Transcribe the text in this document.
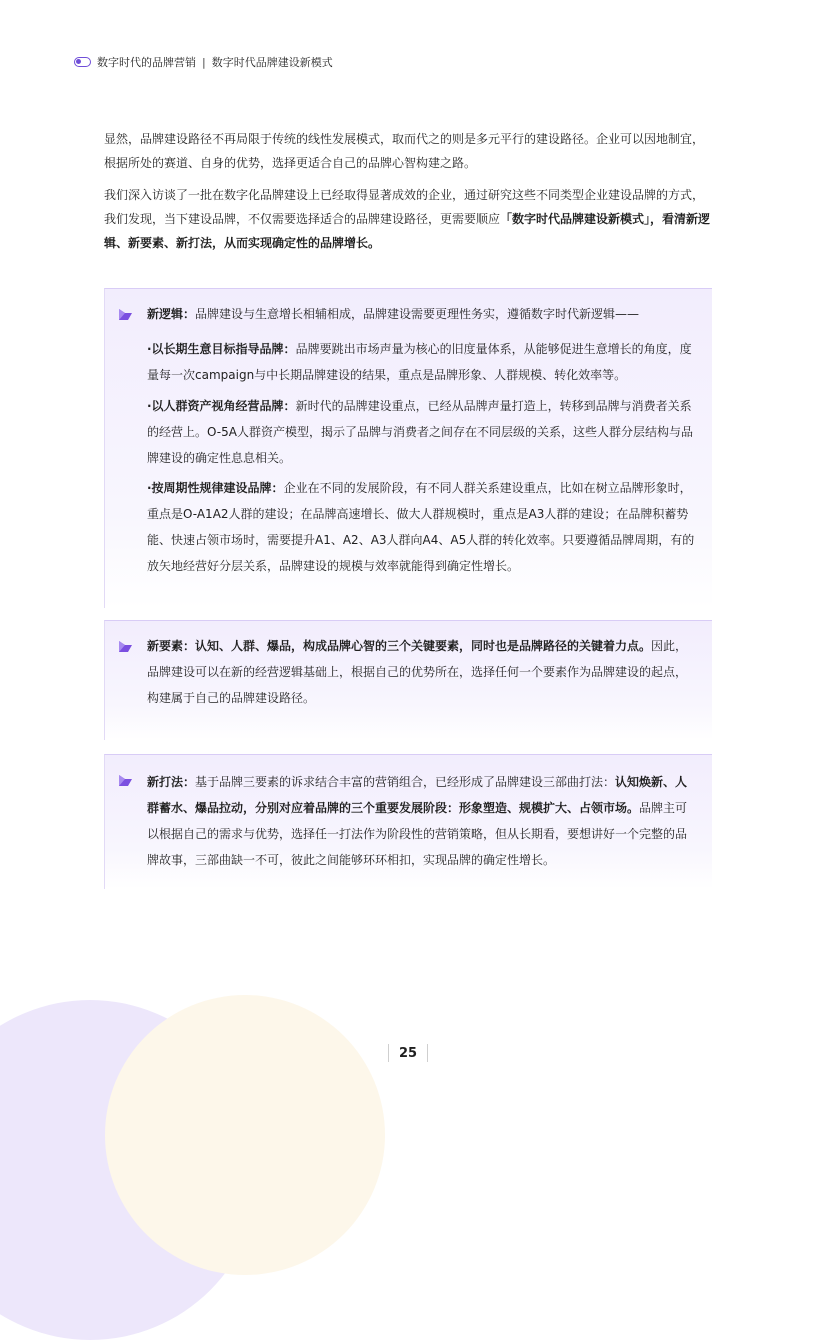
数字时代的品牌营销 | 数字时代品牌建设新模式

显然，品牌建设路径不再局限于传统的线性发展模式，取而代之的则是多元平行的建设路径。企业可以因地制宜，根据所处的赛道、自身的优势，选择更适合自己的品牌心智构建之路。

我们深入访谈了一批在数字化品牌建设上已经取得显著成效的企业，通过研究这些不同类型企业建设品牌的方式，我们发现，当下建设品牌，不仅需要选择适合的品牌建设路径，更需要顺应「数字时代品牌建设新模式」，看清新逻辑、新要素、新打法，从而实现确定性的品牌增长。

新逻辑：品牌建设与生意增长相辅相成，品牌建设需要更理性务实，遵循数字时代新逻辑——

·以长期生意目标指导品牌：品牌要跳出市场声量为核心的旧度量体系，从能够促进生意增长的角度，度量每一次campaign与中长期品牌建设的结果，重点是品牌形象、人群规模、转化效率等。

·以人群资产视角经营品牌：新时代的品牌建设重点，已经从品牌声量打造上，转移到品牌与消费者关系的经营上。O-5A人群资产模型，揭示了品牌与消费者之间存在不同层级的关系，这些人群分层结构与品牌建设的确定性息息相关。

·按周期性规律建设品牌：企业在不同的发展阶段，有不同人群关系建设重点，比如在树立品牌形象时，重点是O-A1A2人群的建设；在品牌高速增长、做大人群规模时，重点是A3人群的建设；在品牌积蓄势能、快速占领市场时，需要提升A1、A2、A3人群向A4、A5人群的转化效率。只要遵循品牌周期，有的放矢地经营好分层关系，品牌建设的规模与效率就能得到确定性增长。

新要素：认知、人群、爆品，构成品牌心智的三个关键要素，同时也是品牌路径的关键着力点。因此，品牌建设可以在新的经营逻辑基础上，根据自己的优势所在，选择任何一个要素作为品牌建设的起点，构建属于自己的品牌建设路径。

新打法：基于品牌三要素的诉求结合丰富的营销组合，已经形成了品牌建设三部曲打法：认知焕新、人群蓄水、爆品拉动，分别对应着品牌的三个重要发展阶段：形象塑造、规模扩大、占领市场。品牌主可以根据自己的需求与优势，选择任一打法作为阶段性的营销策略，但从长期看，要想讲好一个完整的品牌故事，三部曲缺一不可，彼此之间能够环环相扣，实现品牌的确定性增长。

25
